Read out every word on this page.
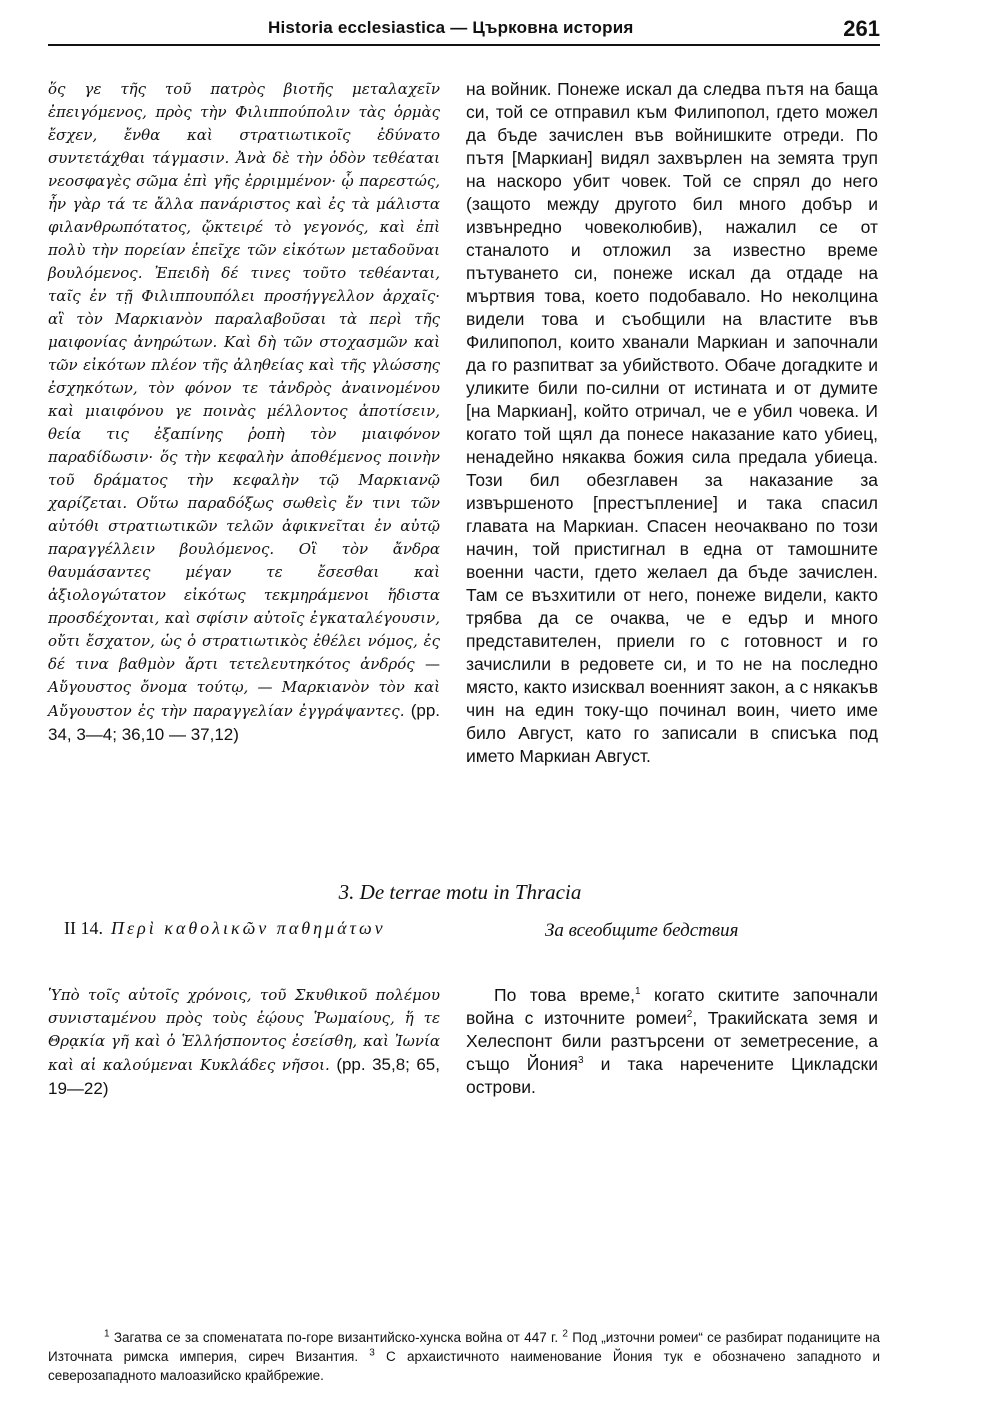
Historia ecclesiastica — Църковна история	261
ὅς γε τῆς τοῦ πατρὸς βιοτῆς μεταλαχεῖν ἐπειγόμενος, πρὸς τὴν Φιλιππούπολιν τὰς ὁρμὰς ἔσχεν, ἔνθα καὶ στρατιωτικοῖς ἐδύνατο συντετάχθαι τάγμασιν. Ἀνὰ δὲ τὴν ὁδὸν τεθέαται νεοσφαγὲς σῶμα ἐπὶ γῆς ἐρριμμένον· ᾧ παρεστώς, ἦν γὰρ τά τε ἄλλα πανάριστος καὶ ἐς τὰ μάλιστα φιλανθρωπότατος, ᾤκτειρέ τὸ γεγονός, καὶ ἐπὶ πολὺ τὴν πορείαν ἐπεῖχε τῶν εἰκότων μεταδοῦναι βουλόμενος. Ἐπειδὴ δέ τινες τοῦτο τεθέανται, ταῖς ἐν τῇ Φιλιππουπόλει προσήγγελλον ἀρχαῖς· αἳ τὸν Μαρκιανὸν παραλαβοῦσαι τὰ περὶ τῆς μαιφονίας ἀνηρώτων. Καὶ δὴ τῶν στοχασμῶν καὶ τῶν εἰκότων πλέον τῆς ἀληθείας καὶ τῆς γλώσσης ἐσχηκότων, τὸν φόνον τε τἀνδρὸς ἀναινομένου καὶ μιαιφόνου γε ποινὰς μέλλοντος ἀποτίσειν, θεία τις ἐξαπίνης ῥοπὴ τὸν μιαιφόνον παραδίδωσιν· ὅς τὴν κεφαλὴν ἀποθέμενος ποινὴν τοῦ δράματος τὴν κεφαλὴν τῷ Μαρκιανῷ χαρίζεται. Οὕτω παραδόξως σωθεὶς ἔν τινι τῶν αὐτόθι στρατιωτικῶν τελῶν ἀφικνεῖται ἐν αὐτῷ παραγγέλλειν βουλόμενος. Οἳ τὸν ἄνδρα θαυμάσαντες μέγαν τε ἔσεσθαι καὶ ἀξιολογώτατον εἰκότως τεκμηράμενοι ἥδιστα προσδέχονται, καὶ σφίσιν αὐτοῖς ἐγκαταλέγουσιν, οὔτι ἔσχατον, ὡς ὁ στρατιωτικὸς ἐθέλει νόμος, ἐς δέ τινα βαθμὸν ἄρτι τετελευτηκότος ἀνδρός — Αὔγουστος ὄνομα τούτῳ, — Μαρκιανὸν τὸν καὶ Αὔγουστον ἐς τὴν παραγγελίαν ἐγγράψαντες. (pp. 34, 3—4; 36,10 — 37,12)
на войник. Понеже искал да следва пътя на баща си, той се отправил към Филипопол, гдето можел да бъде зачислен във войнишките отреди. По пътя [Маркиан] видял захвърлен на земята труп на наскоро убит човек. Той се спрял до него (защото между другото бил много добър и извънредно човеколюбив), нажалил се от станалото и отложил за известно време пътуването си, понеже искал да отдаде на мъртвия това, което подобавало. Но неколцина видели това и съобщили на властите във Филипопол, които хванали Маркиан и започнали да го разпитват за убийството. Обаче догадките и уликите били по-силни от истината и от думите [на Маркиан], който отричал, че е убил човека. И когато той щял да понесе наказание като убиец, ненадейно някаква божия сила предала убиеца. Този бил обезглавен за наказание за извършеното [престъпление] и така спасил главата на Маркиан. Спасен неочаквано по този начин, той пристигнал в една от тамошните военни части, гдето желаел да бъде зачислен. Там се възхитили от него, понеже видели, както трябва да се очаква, че е едър и много представителен, приели го с готовност и го зачислили в редовете си, и то не на последно място, както изисквал военният закон, а с някакъв чин на един току-що починал воин, чието име било Август, като го записали в списъка под името Маркиан Август.
3. De terrae motu in Thracia
II 14. Περὶ καθολικῶν παθημάτων	За всеобщите бедствия
Ὑπὸ τοῖς αὐτοῖς χρόνοις, τοῦ Σκυθικοῦ πολέμου συνισταμένου πρὸς τοὺς ἑῴους Ῥωμαίους, ἥ τε Θρᾳκία γῆ καὶ ὁ Ἑλλήσποντος ἐσείσθη, καὶ Ἰωνία καὶ αἱ καλούμεναι Κυκλάδες νῆσοι. (pp. 35,8; 65, 19—22)
По това време,$^1$ когато скитите започнали война с източните ромеи$^2$, Тракийската земя и Хелеспонт били разтърсени от земетресение, а също Йония$^3$ и така наречените Цикладски острови.
$^1$ Загатва се за споменатата по-горе византийско-хунска война от 447 г. $^2$ Под „източни ромеи“ се разбират поданиците на Източната римска империя, сиреч Византия. $^3$ С архаистичното наименование Йония тук е обозначено западното и северозападното малоазийско крайбрежие.
